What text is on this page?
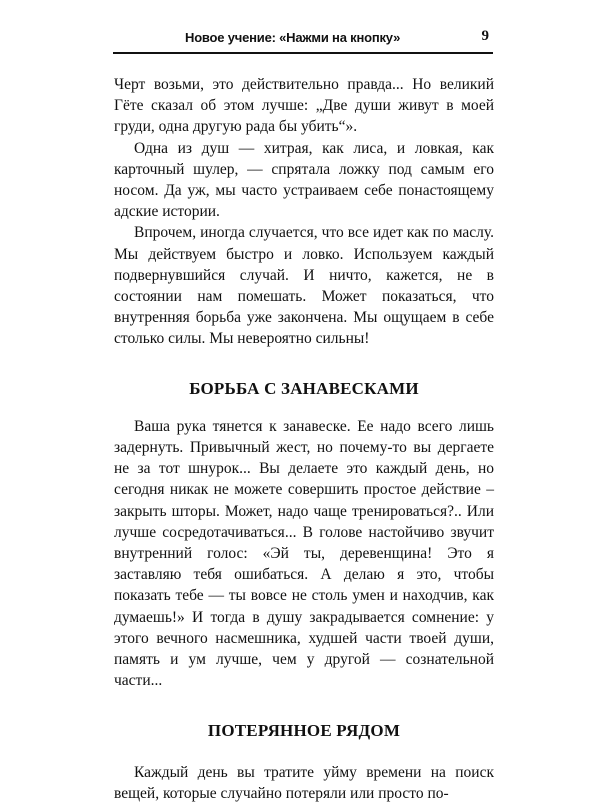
Новое учение: «Нажми на кнопку»	9

Черт возьми, это действительно правда... Но великий Гёте сказал об этом лучше: „Две души живут в моей груди, одна другую рада бы убить“».

Одна из душ — хитрая, как лиса, и ловкая, как карточный шулер, — спрятала ложку под самым его носом. Да уж, мы часто устраиваем себе понастоящему адские истории.

Впрочем, иногда случается, что все идет как по маслу. Мы действуем быстро и ловко. Используем каждый подвернувшийся случай. И ничто, кажется, не в состоянии нам помешать. Может показаться, что внутренняя борьба уже закончена. Мы ощущаем в себе столько силы. Мы невероятно сильны!

БОРЬБА С ЗАНАВЕСКАМИ

Ваша рука тянется к занавеске. Ее надо всего лишь задернуть. Привычный жест, но почему-то вы дергаете не за тот шнурок... Вы делаете это каждый день, но сегодня никак не можете совершить простое действие – закрыть шторы. Может, надо чаще тренироваться?.. Или лучше сосредотачиваться... В голове настойчиво звучит внутренний голос: «Эй ты, деревенщина! Это я заставляю тебя ошибаться. А делаю я это, чтобы показать тебе — ты вовсе не столь умен и находчив, как думаешь!» И тогда в душу закрадывается сомнение: у этого вечного насмешника, худшей части твоей души, память и ум лучше, чем у другой — сознательной части...

ПОТЕРЯННОЕ РЯДОМ

Каждый день вы тратите уйму времени на поиск вещей, которые случайно потеряли или просто по-
